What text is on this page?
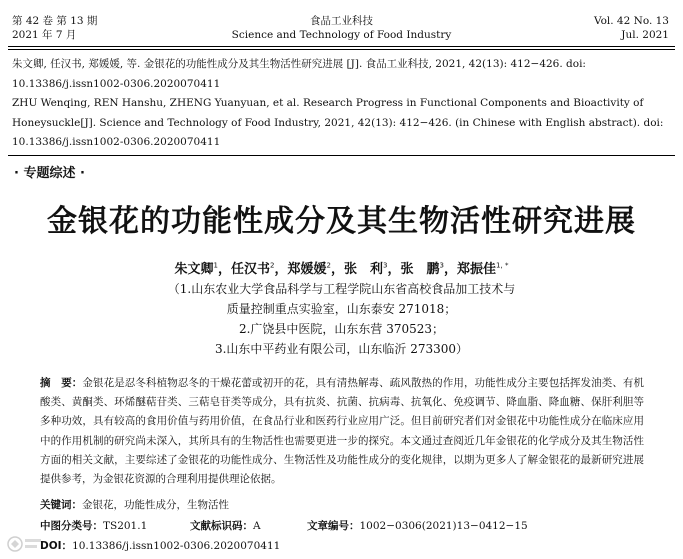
第 42 卷 第 13 期
2021 年 7 月
食品工业科技
Science and Technology of Food Industry
Vol. 42 No. 13
Jul. 2021

朱文卿, 任汉书, 郑媛媛, 等. 金银花的功能性成分及其生物活性研究进展 [J]. 食品工业科技, 2021, 42(13): 412−426. doi: 10.13386/j.issn1002-0306.2020070411

ZHU Wenqing, REN Hanshu, ZHENG Yuanyuan, et al. Research Progress in Functional Components and Bioactivity of Honeysuckle[J]. Science and Technology of Food Industry, 2021, 42(13): 412−426. (in Chinese with English abstract). doi: 10.13386/j.issn1002-0306.2020070411

· 专题综述 ·
金银花的功能性成分及其生物活性研究进展
朱文卿$^1$，任汉书$^2$，郑媛媛$^2$，张　利$^3$，张　鹏$^3$，郑振佳$^{1, *}$
（1.山东农业大学食品科学与工程学院山东省高校食品加工技术与
质量控制重点实验室，山东泰安 271018；
2.广饶县中医院，山东东营 370523；
3.山东中平药业有限公司，山东临沂 273300）
摘　要：金银花是忍冬科植物忍冬的干燥花蕾或初开的花，具有清热解毒、疏风散热的作用，功能性成分主要包括挥发油类、有机酸类、黄酮类、环烯醚萜苷类、三萜皂苷类等成分，具有抗炎、抗菌、抗病毒、抗氧化、免疫调节、降血脂、降血糖、保肝利胆等多种功效，具有较高的食用价值与药用价值，在食品行业和医药行业应用广泛。但目前研究者们对金银花中功能性成分在临床应用中的作用机制的研究尚未深入，其所具有的生物活性也需要更进一步的探究。本文通过查阅近几年金银花的化学成分及其生物活性方面的相关文献，主要综述了金银花的功能性成分、生物活性及功能性成分的变化规律，以期为更多人了解金银花的最新研究进展提供参考，为金银花资源的合理利用提供理论依据。
关键词：金银花，功能性成分，生物活性
中图分类号：TS201.1	文献标识码：A	文章编号：1002−0306(2021)13−0412−15
DOI：10.13386/j.issn1002-0306.2020070411
